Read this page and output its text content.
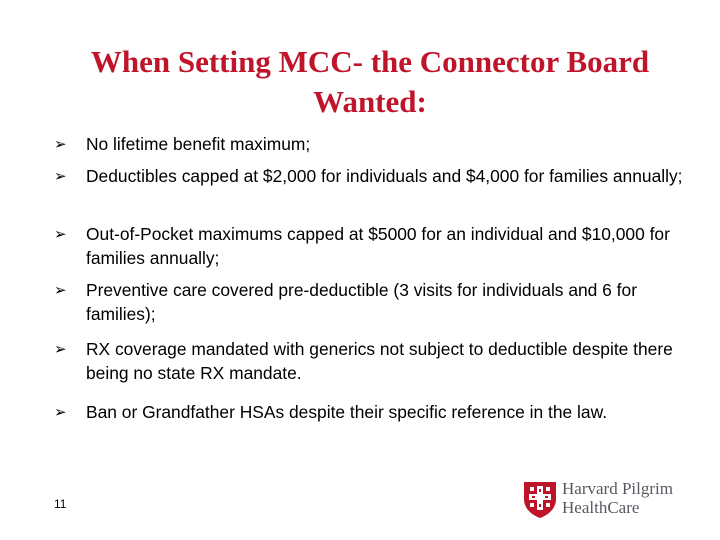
When Setting MCC- the Connector Board
Wanted:
➢	No lifetime benefit maximum;
➢	Deductibles capped at $2,000 for individuals and $4,000 for families annually;
➢	Out-of-Pocket maximums capped at $5000 for an individual and $10,000 for families annually;
➢	Preventive care covered pre-deductible (3 visits for individuals and 6 for families);
➢	RX coverage mandated with generics not subject to deductible despite there being no state RX mandate.
➢	Ban or Grandfather HSAs despite their specific reference in the law.
11
Harvard Pilgrim
HealthCare
